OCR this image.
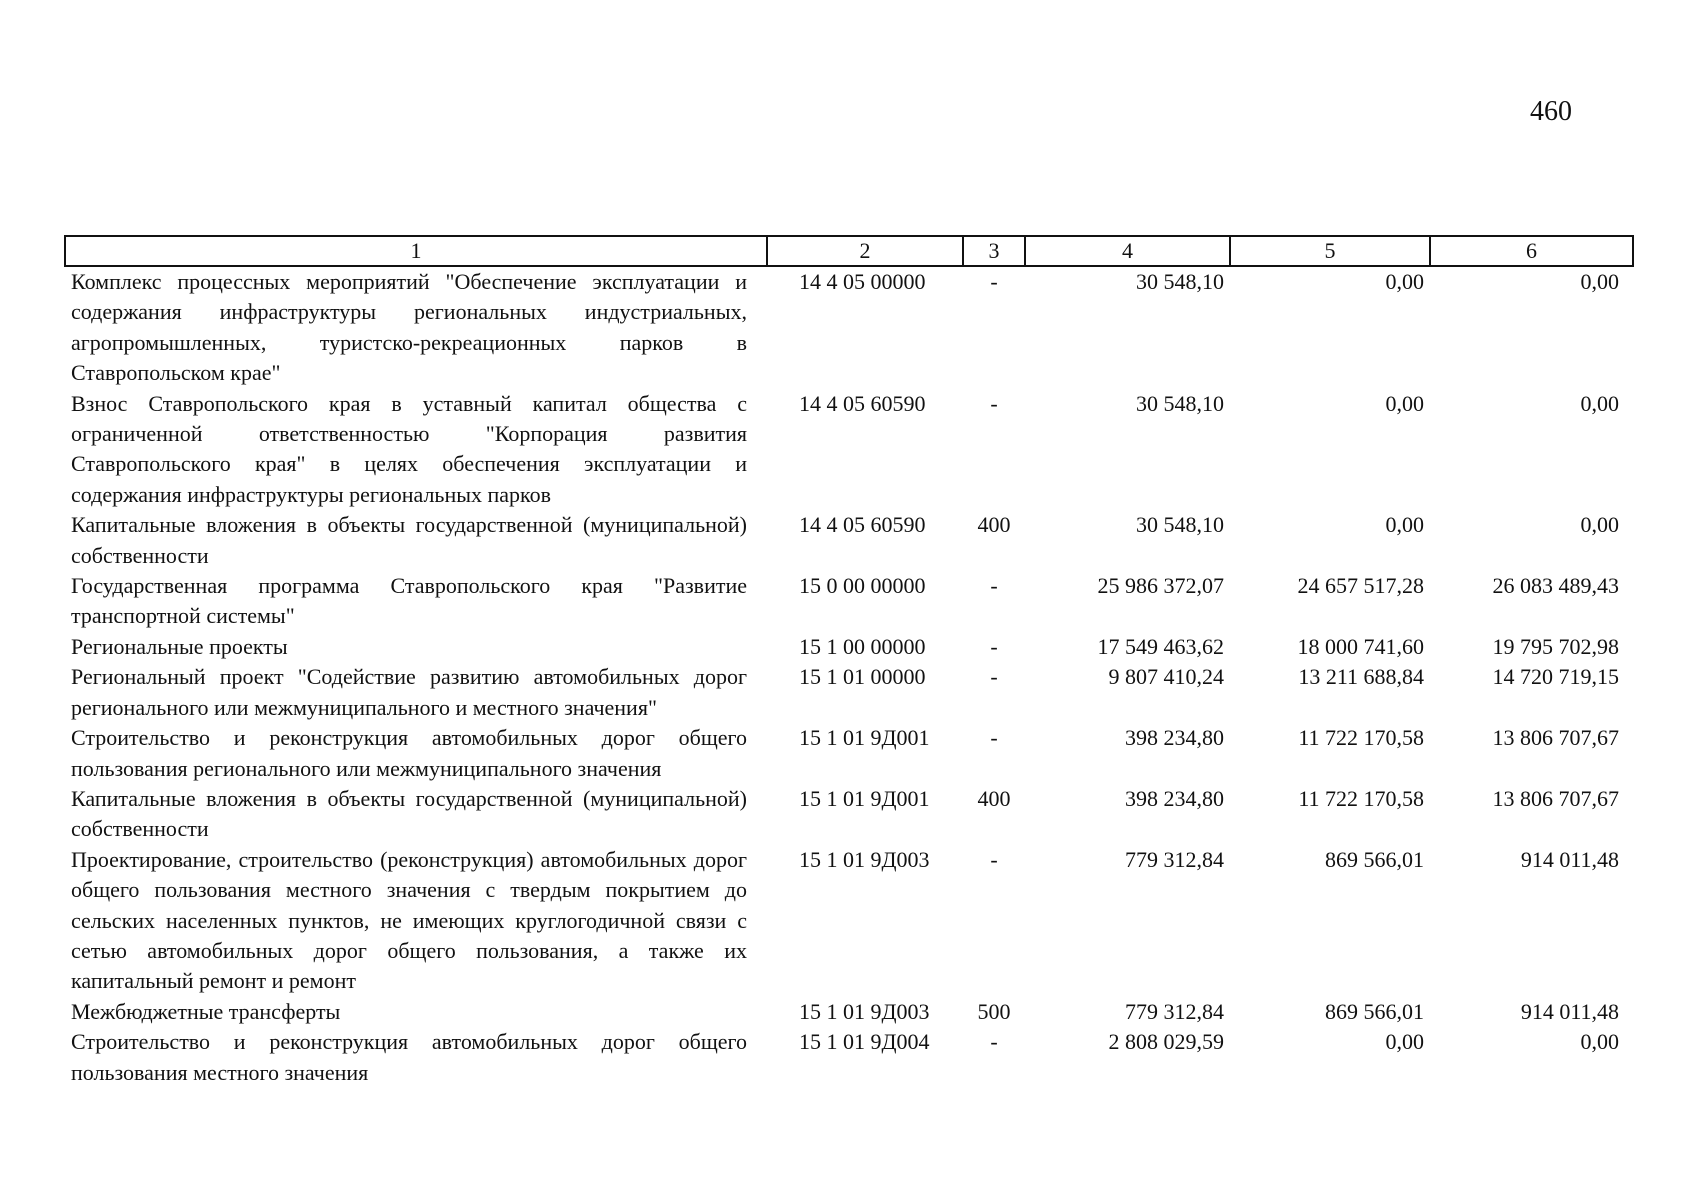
460
1	2	3	4	5	6
Комплекс процессных мероприятий "Обеспечение эксплуатации и содержания инфраструктуры региональных индустриальных, агропромышленных, туристско-рекреационных парков в Ставропольском крае"	14 4 05 00000	-	30 548,10	0,00	0,00
Взнос Ставропольского края в уставный капитал общества с ограниченной ответственностью "Корпорация развития Ставропольского края" в целях обеспечения эксплуатации и содержания инфраструктуры региональных парков	14 4 05 60590	-	30 548,10	0,00	0,00
Капитальные вложения в объекты государственной (муниципальной) собственности	14 4 05 60590	400	30 548,10	0,00	0,00
Государственная программа Ставропольского края "Развитие транспортной системы"	15 0 00 00000	-	25 986 372,07	24 657 517,28	26 083 489,43
Региональные проекты	15 1 00 00000	-	17 549 463,62	18 000 741,60	19 795 702,98
Региональный проект "Содействие развитию автомобильных дорог регионального или межмуниципального и местного значения"	15 1 01 00000	-	9 807 410,24	13 211 688,84	14 720 719,15
Строительство и реконструкция автомобильных дорог общего пользования регионального или межмуниципального значения	15 1 01 9Д001	-	398 234,80	11 722 170,58	13 806 707,67
Капитальные вложения в объекты государственной (муниципальной) собственности	15 1 01 9Д001	400	398 234,80	11 722 170,58	13 806 707,67
Проектирование, строительство (реконструкция) автомобильных дорог общего пользования местного значения с твердым покрытием до сельских населенных пунктов, не имеющих круглогодичной связи с сетью автомобильных дорог общего пользования, а также их капитальный ремонт и ремонт	15 1 01 9Д003	-	779 312,84	869 566,01	914 011,48
Межбюджетные трансферты	15 1 01 9Д003	500	779 312,84	869 566,01	914 011,48
Строительство и реконструкция автомобильных дорог общего пользования местного значения	15 1 01 9Д004	-	2 808 029,59	0,00	0,00
